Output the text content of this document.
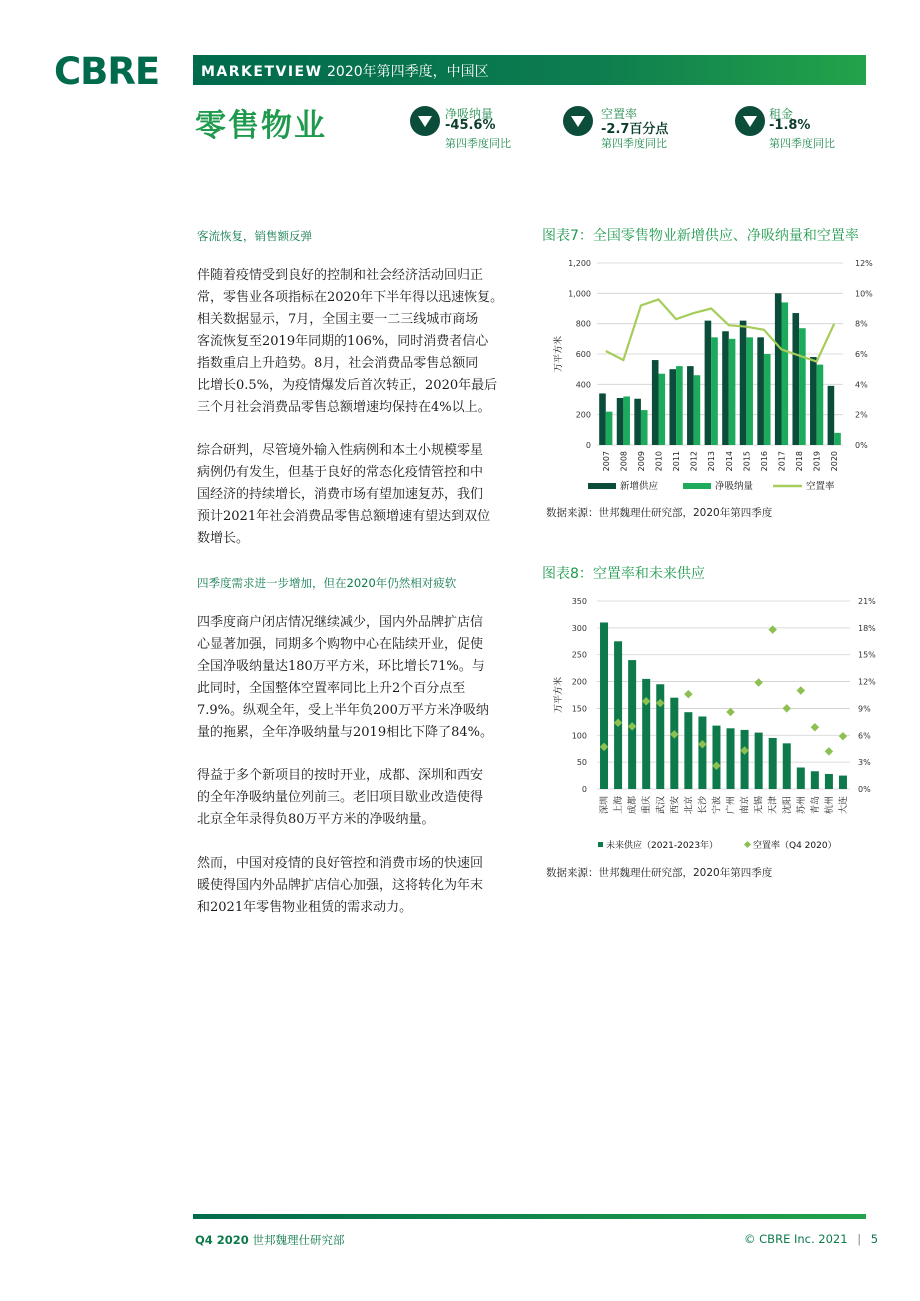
CBRE	MARKETVIEW 2020年第四季度，中国区
零售物业	净吸纳量
-45.6%
第四季度同比
空置率
-2.7百分点
第四季度同比
租金
-1.8%
第四季度同比
客流恢复，销售额反弹
伴随着疫情受到良好的控制和社会经济活动回归正
常，零售业各项指标在2020年下半年得以迅速恢复。
相关数据显示，7月，全国主要一二三线城市商场
客流恢复至2019年同期的106%，同时消费者信心
指数重启上升趋势。8月，社会消费品零售总额同
比增长0.5%，为疫情爆发后首次转正，2020年最后
三个月社会消费品零售总额增速均保持在4%以上。
综合研判，尽管境外输入性病例和本土小规模零星
病例仍有发生，但基于良好的常态化疫情管控和中
国经济的持续增长，消费市场有望加速复苏，我们
预计2021年社会消费品零售总额增速有望达到双位
数增长。
四季度需求进一步增加，但在2020年仍然相对疲软
四季度商户闭店情况继续减少，国内外品牌扩店信
心显著加强，同期多个购物中心在陆续开业，促使
全国净吸纳量达180万平方米，环比增长71%。与
此同时，全国整体空置率同比上升2个百分点至
7.9%。纵观全年，受上半年负200万平方米净吸纳
量的拖累，全年净吸纳量与2019相比下降了84%。
得益于多个新项目的按时开业，成都、深圳和西安
的全年净吸纳量位列前三。老旧项目歇业改造使得
北京全年录得负80万平方米的净吸纳量。
然而，中国对疫情的良好管控和消费市场的快速回
暖使得国内外品牌扩店信心加强，这将转化为年末
和2021年零售物业租赁的需求动力。
图表7：全国零售物业新增供应、净吸纳量和空置率
0
200
400
600
800
1,000
1,200
0%
2%
4%
6%
8%
10%
12%
万平方米
2007 2008 2009 2010 2011 2012 2013 2014 2015 2016 2017 2018 2019 2020
新增供应	净吸纳量	空置率
数据来源：世邦魏理仕研究部，2020年第四季度
图表8：空置率和未来供应
0
50
100
150
200
250
300
350
0%
3%
6%
9%
12%
15%
18%
21%
万平方米
深圳 上海 成都 重庆 武汉 西安 北京 长沙 宁波 广州 南京 无锡 天津 沈阳 苏州 青岛 杭州 大连
未来供应（2021-2023年）	空置率（Q4 2020）
数据来源：世邦魏理仕研究部，2020年第四季度
Q4 2020 世邦魏理仕研究部	© CBRE Inc. 2021 | 5
